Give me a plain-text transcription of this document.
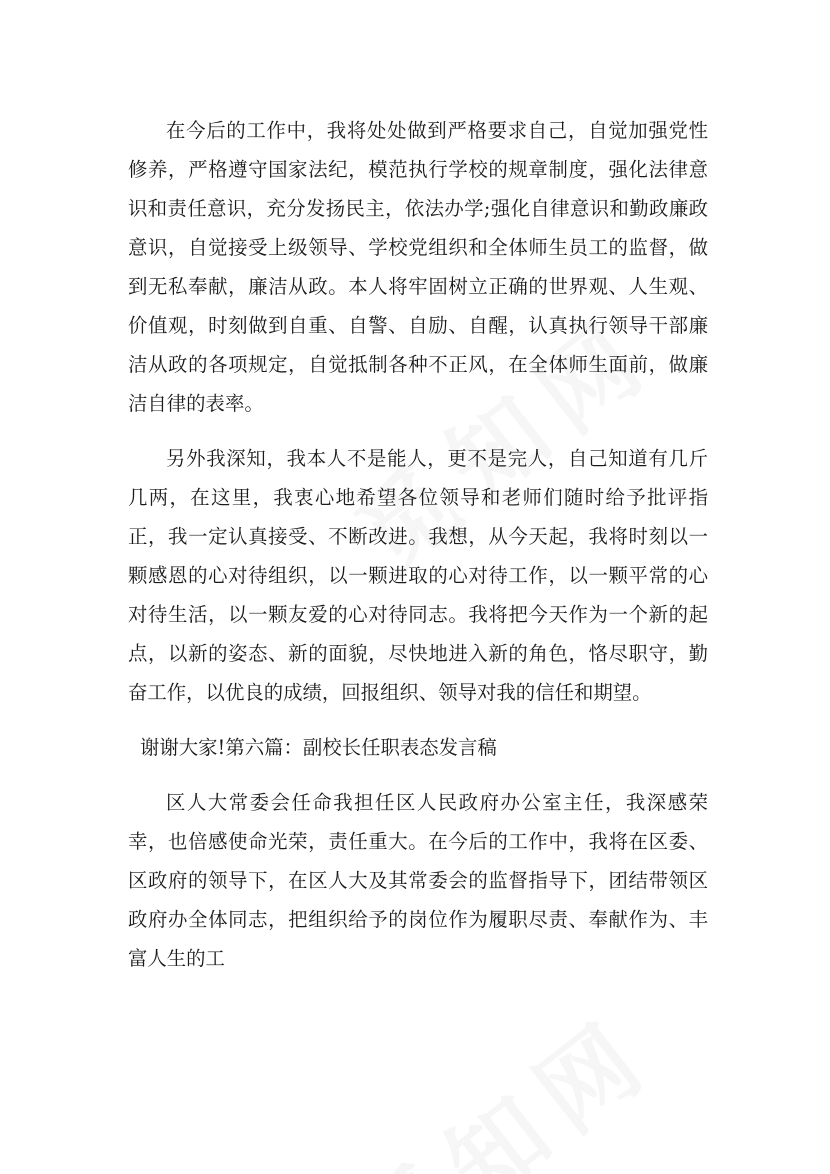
在今后的工作中，我将处处做到严格要求自己，自觉加强党性修养，严格遵守国家法纪，模范执行学校的规章制度，强化法律意识和责任意识，充分发扬民主，依法办学;强化自律意识和勤政廉政意识，自觉接受上级领导、学校党组织和全体师生员工的监督，做到无私奉献，廉洁从政。本人将牢固树立正确的世界观、人生观、价值观，时刻做到自重、自警、自励、自醒，认真执行领导干部廉洁从政的各项规定，自觉抵制各种不正风，在全体师生面前，做廉洁自律的表率。

另外我深知，我本人不是能人，更不是完人，自己知道有几斤几两，在这里，我衷心地希望各位领导和老师们随时给予批评指正，我一定认真接受、不断改进。我想，从今天起，我将时刻以一颗感恩的心对待组织，以一颗进取的心对待工作，以一颗平常的心对待生活，以一颗友爱的心对待同志。我将把今天作为一个新的起点，以新的姿态、新的面貌，尽快地进入新的角色，恪尽职守，勤奋工作，以优良的成绩，回报组织、领导对我的信任和期望。

谢谢大家!第六篇：副校长任职表态发言稿

区人大常委会任命我担任区人民政府办公室主任，我深感荣幸，也倍感使命光荣，责任重大。在今后的工作中，我将在区委、区政府的领导下，在区人大及其常委会的监督指导下，团结带领区政府办全体同志，把组织给予的岗位作为履职尽责、奉献作为、丰富人生的工
